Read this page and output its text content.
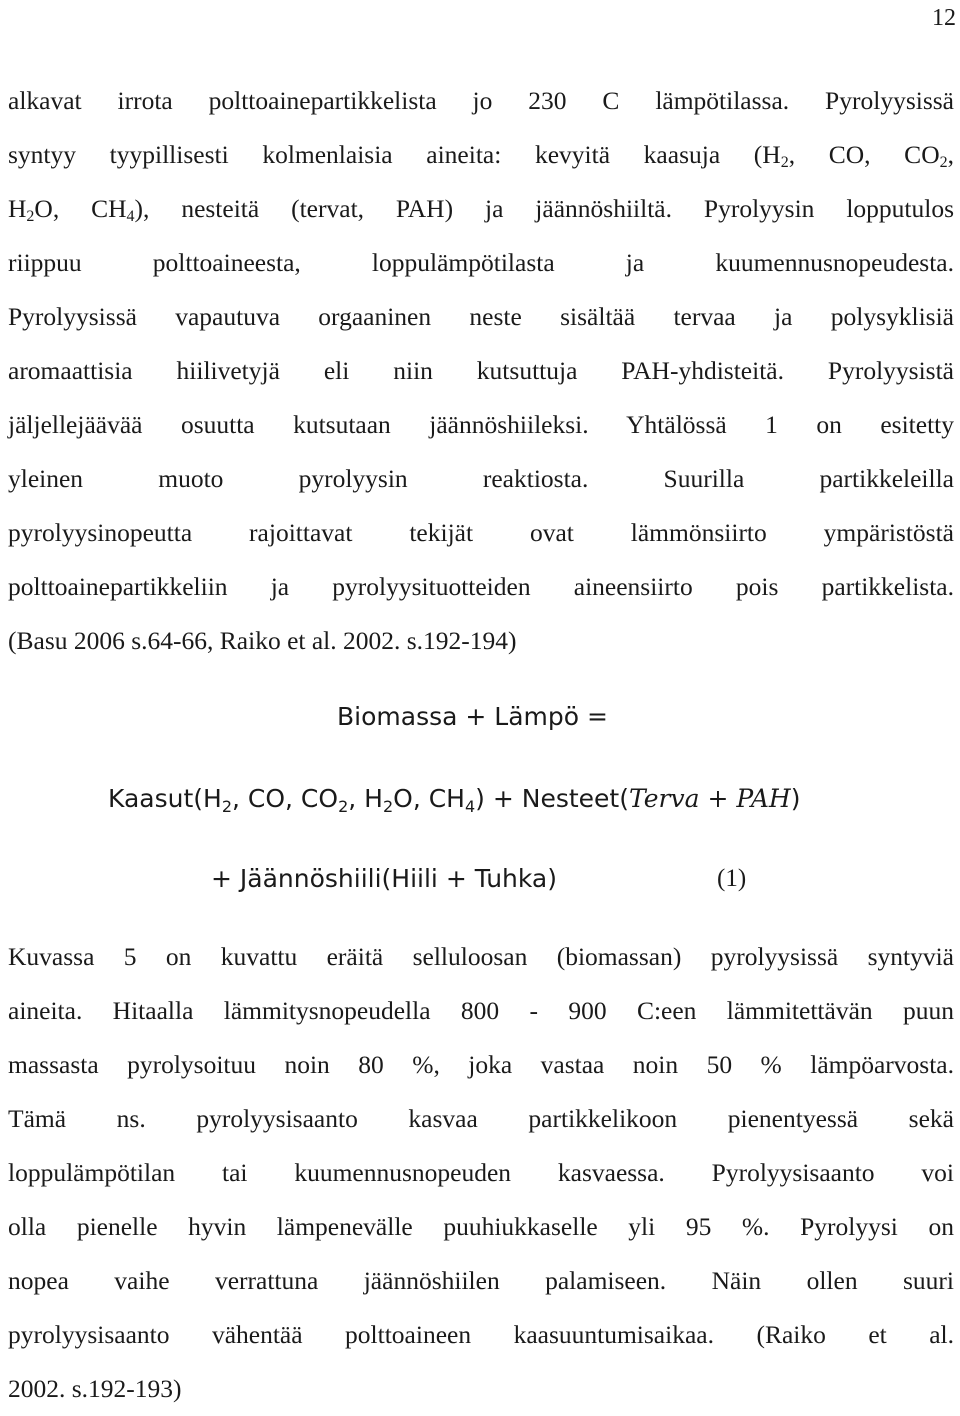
12
alkavat irrota polttoainepartikkelista jo 230 C lämpötilassa. Pyrolyysissä
syntyy tyypillisesti kolmenlaisia aineita: kevyitä kaasuja ($H_2$, CO, $CO_2$,
$H_2O$, $CH_4$), nesteitä (tervat, PAH) ja jäännöshiiltä. Pyrolyysin lopputulos
riippuu polttoaineesta, loppulämpötilasta ja kuumennusnopeudesta.
Pyrolyysissä vapautuva orgaaninen neste sisältää tervaa ja polysyklisiä
aromaattisia hiilivetyjä eli niin kutsuttuja PAH-yhdisteitä. Pyrolyysistä
jäljellejäävää osuutta kutsutaan jäännöshiileksi. Yhtälössä 1 on esitetty
yleinen muoto pyrolyysin reaktiosta. Suurilla partikkeleilla
pyrolyysinopeutta rajoittavat tekijät ovat lämmönsiirto ympäristöstä
polttoainepartikkeliin ja pyrolyysituotteiden aineensiirto pois partikkelista.
(Basu 2006 s.64-66, Raiko et al. 2002. s.192-194)
Biomassa + Lämpö =
$Kaasut(H_2$, CO, $CO_2$, $H_2O$, $CH_4$) + Nesteet(Terva + PAH)
+ Jäännöshiili(Hiili + Tuhka)	(1)
Kuvassa 5 on kuvattu eräitä selluloosan (biomassan) pyrolyysissä syntyviä
aineita. Hitaalla lämmitysnopeudella 800 - 900 C:een lämmitettävän puun
massasta pyrolysoituu noin 80 %, joka vastaa noin 50 % lämpöarvosta.
Tämä ns. pyrolyysisaanto kasvaa partikkelikoon pienentyessä sekä
loppulämpötilan tai kuumennusnopeuden kasvaessa. Pyrolyysisaanto voi
olla pienelle hyvin lämpenevälle puuhiukkaselle yli 95 %. Pyrolyysi on
nopea vaihe verrattuna jäännöshiilen palamiseen. Näin ollen suuri
pyrolyysisaanto vähentää polttoaineen kaasuuntumisaikaa. (Raiko et al.
2002. s.192-193)
